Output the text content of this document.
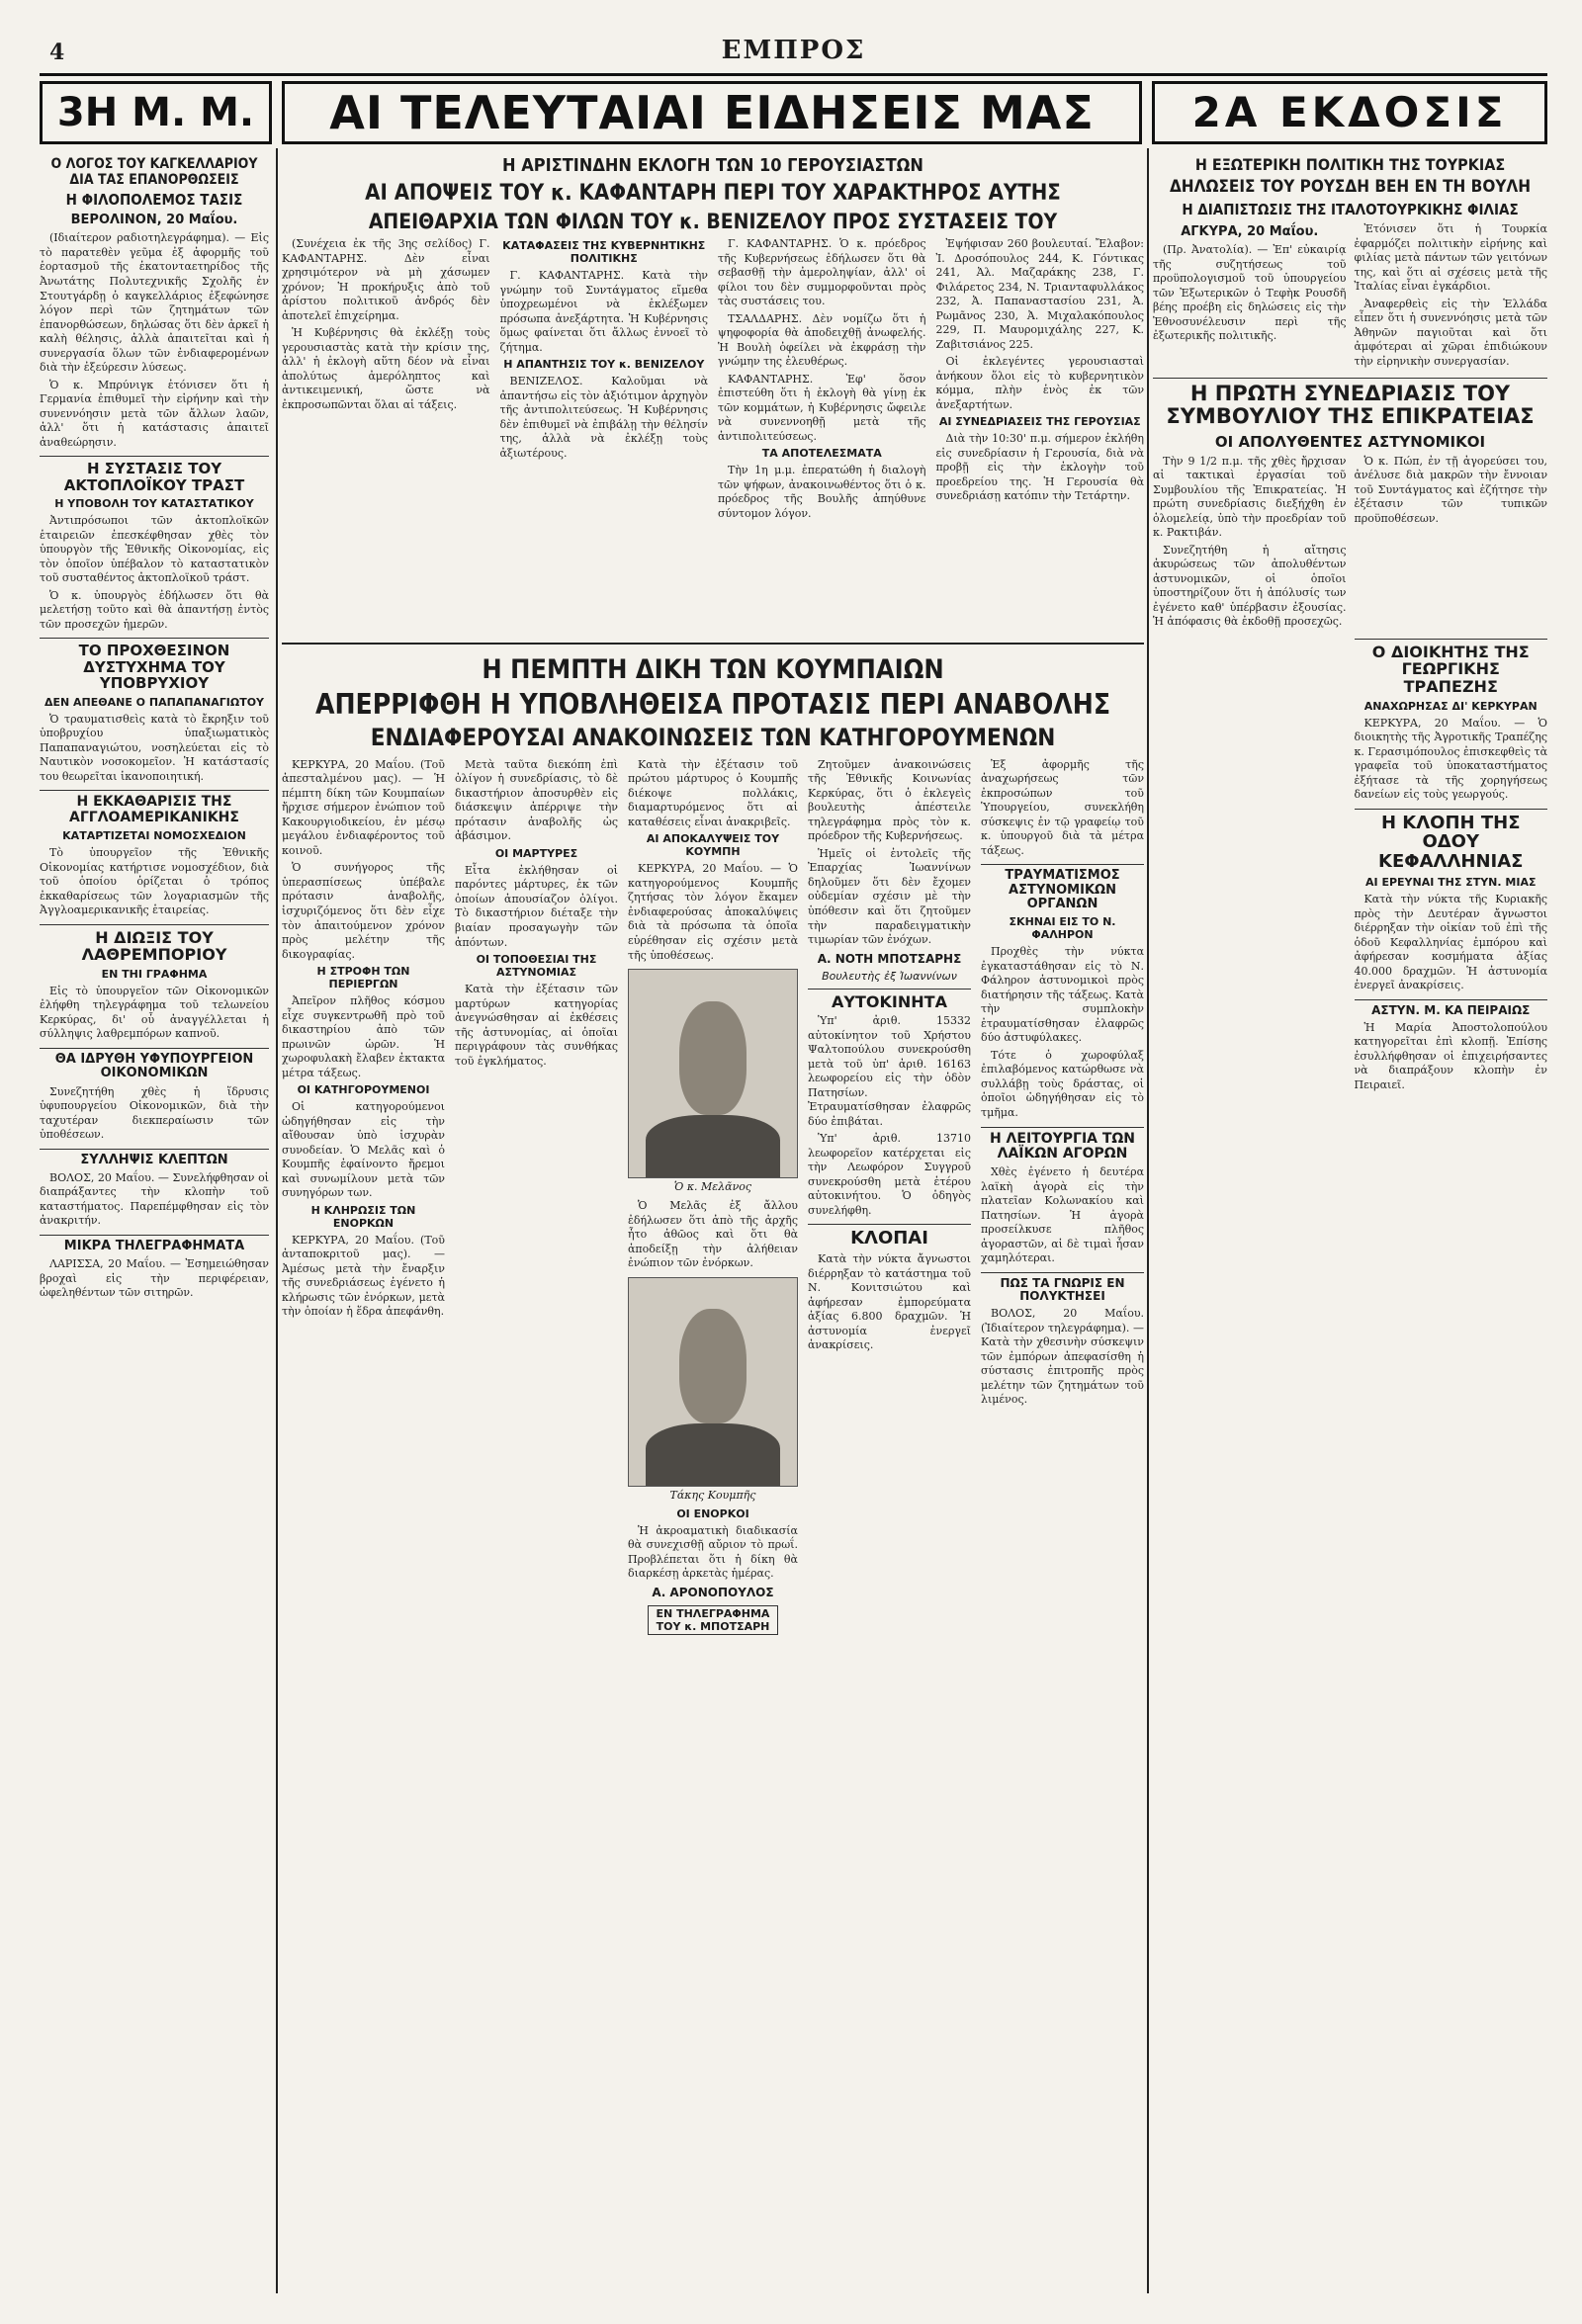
4	ΕΜΠΡΟΣ
3Η Μ. Μ.	ΑΙ ΤΕΛΕΥΤΑΙΑΙ ΕΙΔΗΣΕΙΣ ΜΑΣ	2Α ΕΚΔΟΣΙΣ
Ο ΛΟΓΟΣ ΤΟΥ ΚΑΓΚΕΛΛΑΡΙΟΥ ΔΙΑ ΤΑΣ ΕΠΑΝΟΡΘΩΣΕΙΣ
Η ΦΙΛΟΠΟΛΕΜΟΣ ΤΑΣΙΣ
ΒΕΡΟΛΙΝΟΝ, 20 Μαΐου.

(Ιδιαίτερον ραδιοτηλεγράφημα). — Εἰς τὸ παρατεθὲν γεῦμα ἐξ ἀφορμῆς τοῦ ἑορτασμοῦ τῆς ἑκατονταετηρίδος τῆς Ἀνωτάτης Πολυτεχνικῆς Σχολῆς ἐν Στουτγάρδῃ ὁ καγκελλάριος ἐξεφώνησε λόγον περὶ τῶν ζητημάτων τῶν ἐπανορθώσεων, δηλώσας ὅτι δὲν ἀρκεῖ ἡ καλὴ θέλησις, ἀλλὰ ἀπαιτεῖται καὶ ἡ συνεργασία ὅλων τῶν ἐνδιαφερομένων διὰ τὴν ἐξεύρεσιν λύσεως.

Ὁ κ. Μπρύνιγκ ἐτόνισεν ὅτι ἡ Γερμανία ἐπιθυμεῖ τὴν εἰρήνην καὶ τὴν συνεννόησιν μετὰ τῶν ἄλλων λαῶν, ἀλλ' ὅτι ἡ κατάστασις ἀπαιτεῖ ἀναθεώρησιν.

Η ΣΥΣΤΑΣΙΣ ΤΟΥ ΑΚΤΟΠΛΟΪΚΟΥ ΤΡΑΣΤ
Η ΥΠΟΒΟΛΗ ΤΟΥ ΚΑΤΑΣΤΑΤΙΚΟΥ

Ἀντιπρόσωποι τῶν ἀκτοπλοϊκῶν ἑταιρειῶν ἐπεσκέφθησαν χθὲς τὸν ὑπουργὸν τῆς Ἐθνικῆς Οἰκονομίας, εἰς τὸν ὁποῖον ὑπέβαλον τὸ καταστατικὸν τοῦ συσταθέντος ἀκτοπλοϊκοῦ τράστ.

Ὁ κ. ὑπουργὸς ἐδήλωσεν ὅτι θὰ μελετήσῃ τοῦτο καὶ θὰ ἀπαντήσῃ ἐντὸς τῶν προσεχῶν ἡμερῶν.

ΤΟ ΠΡΟΧΘΕΣΙΝΟΝ ΔΥΣΤΥΧΗΜΑ ΤΟΥ ΥΠΟΒΡΥΧΙΟΥ
ΔΕΝ ΑΠΕΘΑΝΕ Ο ΠΑΠΑΠΑΝΑΓΙΩΤΟΥ

Ὁ τραυματισθεὶς κατὰ τὸ ἔκρηξιν τοῦ ὑποβρυχίου ὑπαξιωματικὸς Παπαπαναγιώτου, νοσηλεύεται εἰς τὸ Ναυτικὸν νοσοκομεῖον. Ἡ κατάστασίς του θεωρεῖται ἱκανοποιητική.

Η ΕΚΚΑΘΑΡΙΣΙΣ ΤΗΣ ΑΓΓΛΟΑΜΕΡΙΚΑΝΙΚΗΣ
ΚΑΤΑΡΤΙΖΕΤΑΙ ΝΟΜΟΣΧΕΔΙΟΝ

Τὸ ὑπουργεῖον τῆς Ἐθνικῆς Οἰκονομίας κατήρτισε νομοσχέδιον, διὰ τοῦ ὁποίου ὁρίζεται ὁ τρόπος ἐκκαθαρίσεως τῶν λογαριασμῶν τῆς Ἀγγλοαμερικανικῆς ἑταιρείας.

Η ΔΙΩΞΙΣ ΤΟΥ ΛΑΘΡΕΜΠΟΡΙΟΥ
ΕΝ ΤΗΙ ΓΡΑΦΗΜΑ

Εἰς τὸ ὑπουργεῖον τῶν Οἰκονομικῶν ἐλήφθη τηλεγράφημα τοῦ τελωνείου Κερκύρας, δι' οὗ ἀναγγέλλεται ἡ σύλληψις λαθρεμπόρων καπνοῦ.

ΘΑ ΙΔΡΥΘΗ ΥΦΥΠΟΥΡΓΕΙΟΝ ΟΙΚΟΝΟΜΙΚΩΝ

Συνεζητήθη χθὲς ἡ ἵδρυσις ὑφυπουργείου Οἰκονομικῶν, διὰ τὴν ταχυτέραν διεκπεραίωσιν τῶν ὑποθέσεων.

ΣΥΛΛΗΨΙΣ ΚΛΕΠΤΩΝ

ΒΟΛΟΣ, 20 Μαΐου. — Συνελήφθησαν οἱ διαπράξαντες τὴν κλοπὴν τοῦ καταστήματος. Παρεπέμφθησαν εἰς τὸν ἀνακριτήν.

ΜΙΚΡΑ ΤΗΛΕΓΡΑΦΗΜΑΤΑ

ΛΑΡΙΣΣΑ, 20 Μαΐου. — Ἐσημειώθησαν βροχαὶ εἰς τὴν περιφέρειαν, ὠφεληθέντων τῶν σιτηρῶν.

Η ΑΡΙΣΤΙΝΔΗΝ ΕΚΛΟΓΗ ΤΩΝ 10 ΓΕΡΟΥΣΙΑΣΤΩΝ
ΑΙ ΑΠΟΨΕΙΣ ΤΟΥ κ. ΚΑΦΑΝΤΑΡΗ ΠΕΡΙ ΤΟΥ ΧΑΡΑΚΤΗΡΟΣ ΑΥΤΗΣ
ΑΠΕΙΘΑΡΧΙΑ ΤΩΝ ΦΙΛΩΝ ΤΟΥ κ. ΒΕΝΙΖΕΛΟΥ ΠΡΟΣ ΣΥΣΤΑΣΕΙΣ ΤΟΥ

(Συνέχεια ἐκ τῆς 3ης σελίδος) Γ. ΚΑΦΑΝΤΑΡΗΣ. Δὲν εἶναι χρησιμότερον νὰ μὴ χάσωμεν χρόνον; Ἡ προκήρυξις ἀπὸ τοῦ ἀρίστου πολιτικοῦ ἀνδρός δὲν ἀποτελεῖ ἐπιχείρημα.

Ἡ Κυβέρνησις θὰ ἐκλέξῃ τοὺς γερουσιαστὰς κατὰ τὴν κρίσιν της, ἀλλ' ἡ ἐκλογὴ αὕτη δέον νὰ εἶναι ἀπολύτως ἀμερόληπτος καὶ ἀντικειμενική, ὥστε νὰ ἐκπροσωπῶνται ὅλαι αἱ τάξεις.

ΚΑΤΑΦΑΣΕΙΣ ΤΗΣ ΚΥΒΕΡΝΗΤΙΚΗΣ ΠΟΛΙΤΙΚΗΣ

Γ. ΚΑΦΑΝΤΑΡΗΣ. Κατὰ τὴν γνώμην τοῦ Συντάγματος εἴμεθα ὑποχρεωμένοι νὰ ἐκλέξωμεν πρόσωπα ἀνεξάρτητα. Ἡ Κυβέρνησις ὅμως φαίνεται ὅτι ἄλλως ἐννοεῖ τὸ ζήτημα.

Η ΑΠΑΝΤΗΣΙΣ ΤΟΥ κ. ΒΕΝΙΖΕΛΟΥ

ΒΕΝΙΖΕΛΟΣ. Καλοῦμαι νὰ ἀπαντήσω εἰς τὸν ἀξιότιμον ἀρχηγὸν τῆς ἀντιπολιτεύσεως. Ἡ Κυβέρνησις δὲν ἐπιθυμεῖ νὰ ἐπιβάλῃ τὴν θέλησίν της, ἀλλὰ νὰ ἐκλέξῃ τοὺς ἀξιωτέρους.

Γ. ΚΑΦΑΝΤΑΡΗΣ. Ὁ κ. πρόεδρος τῆς Κυβερνήσεως ἐδήλωσεν ὅτι θὰ σεβασθῇ τὴν ἀμεροληψίαν, ἀλλ' οἱ φίλοι του δὲν συμμορφοῦνται πρὸς τὰς συστάσεις του.

ΤΣΑΛΔΑΡΗΣ. Δὲν νομίζω ὅτι ἡ ψηφοφορία θὰ ἀποδειχθῇ ἀνωφελής. Ἡ Βουλὴ ὀφείλει νὰ ἐκφράσῃ τὴν γνώμην της ἐλευθέρως.

ΚΑΦΑΝΤΑΡΗΣ. Ἐφ' ὅσον ἐπιστεύθη ὅτι ἡ ἐκλογὴ θὰ γίνῃ ἐκ τῶν κομμάτων, ἡ Κυβέρνησις ὤφειλε νὰ συνεννοηθῇ μετὰ τῆς ἀντιπολιτεύσεως.

ΤΑ ΑΠΟΤΕΛΕΣΜΑΤΑ

Τὴν 1η μ.μ. ἐπερατώθη ἡ διαλογὴ τῶν ψήφων, ἀνακοινωθέντος ὅτι ὁ κ. πρόεδρος τῆς Βουλῆς ἀπηύθυνε σύντομον λόγον.

Ἐψήφισαν 260 βουλευταί. Ἔλαβον: Ἰ. Δροσόπουλος 244, Κ. Γόντικας 241, Ἀλ. Μαζαράκης 238, Γ. Φιλάρετος 234, Ν. Τριανταφυλλάκος 232, Ἀ. Παπαναστασίου 231, Ἀ. Ρωμᾶνος 230, Ἀ. Μιχαλακόπουλος 229, Π. Μαυρομιχάλης 227, Κ. Ζαβιτσιάνος 225.

Οἱ ἐκλεγέντες γερουσιασταὶ ἀνήκουν ὅλοι εἰς τὸ κυβερνητικὸν κόμμα, πλὴν ἑνὸς ἐκ τῶν ἀνεξαρτήτων.

ΑΙ ΣΥΝΕΔΡΙΑΣΕΙΣ ΤΗΣ ΓΕΡΟΥΣΙΑΣ

Διὰ τὴν 10:30' π.μ. σήμερον ἐκλήθη εἰς συνεδρίασιν ἡ Γερουσία, διὰ νὰ προβῇ εἰς τὴν ἐκλογὴν τοῦ προεδρείου της. Ἡ Γερουσία θὰ συνεδριάσῃ κατόπιν τὴν Τετάρτην.

Η ΕΞΩΤΕΡΙΚΗ ΠΟΛΙΤΙΚΗ ΤΗΣ ΤΟΥΡΚΙΑΣ
ΔΗΛΩΣΕΙΣ ΤΟΥ ΡΟΥΣΔΗ ΒΕΗ ΕΝ ΤΗ ΒΟΥΛΗ
Η ΔΙΑΠΙΣΤΩΣΙΣ ΤΗΣ ΙΤΑΛΟΤΟΥΡΚΙΚΗΣ ΦΙΛΙΑΣ
ΑΓΚΥΡΑ, 20 Μαΐου.

(Πρ. Ἀνατολία). — Ἐπ' εὐκαιρίᾳ τῆς συζητήσεως τοῦ προϋπολογισμοῦ τοῦ ὑπουργείου τῶν Ἐξωτερικῶν ὁ Τεφὴκ Ρουσδῆ βέης προέβη εἰς δηλώσεις εἰς τὴν Ἐθνοσυνέλευσιν περὶ τῆς ἐξωτερικῆς πολιτικῆς.

Ἐτόνισεν ὅτι ἡ Τουρκία ἐφαρμόζει πολιτικὴν εἰρήνης καὶ φιλίας μετὰ πάντων τῶν γειτόνων της, καὶ ὅτι αἱ σχέσεις μετὰ τῆς Ἰταλίας εἶναι ἐγκάρδιοι.

Ἀναφερθεὶς εἰς τὴν Ἑλλάδα εἶπεν ὅτι ἡ συνεννόησις μετὰ τῶν Ἀθηνῶν παγιοῦται καὶ ὅτι ἀμφότεραι αἱ χῶραι ἐπιδιώκουν τὴν εἰρηνικὴν συνεργασίαν.

Η ΠΡΩΤΗ ΣΥΝΕΔΡΙΑΣΙΣ ΤΟΥ ΣΥΜΒΟΥΛΙΟΥ ΤΗΣ ΕΠΙΚΡΑΤΕΙΑΣ
ΟΙ ΑΠΟΛΥΘΕΝΤΕΣ ΑΣΤΥΝΟΜΙΚΟΙ

Τὴν 9 1/2 π.μ. τῆς χθὲς ἤρχισαν αἱ τακτικαὶ ἐργασίαι τοῦ Συμβουλίου τῆς Ἐπικρατείας. Ἡ πρώτη συνεδρίασις διεξήχθη ἐν ὁλομελείᾳ, ὑπὸ τὴν προεδρίαν τοῦ κ. Ρακτιβάν.

Συνεζητήθη ἡ αἴτησις ἀκυρώσεως τῶν ἀπολυθέντων ἀστυνομικῶν, οἱ ὁποῖοι ὑποστηρίζουν ὅτι ἡ ἀπόλυσίς των ἐγένετο καθ' ὑπέρβασιν ἐξουσίας. Ἡ ἀπόφασις θὰ ἐκδοθῇ προσεχῶς.

Ὁ κ. Πώπ, ἐν τῇ ἀγορεύσει του, ἀνέλυσε διὰ μακρῶν τὴν ἔννοιαν τοῦ Συντάγματος καὶ ἐζήτησε τὴν ἐξέτασιν τῶν τυπικῶν προϋποθέσεων.

Ο ΔΙΟΙΚΗΤΗΣ ΤΗΣ ΓΕΩΡΓΙΚΗΣ ΤΡΑΠΕΖΗΣ
ΑΝΑΧΩΡΗΣΑΣ ΔΙ' ΚΕΡΚΥΡΑΝ

ΚΕΡΚΥΡΑ, 20 Μαΐου. — Ὁ διοικητὴς τῆς Ἀγροτικῆς Τραπέζης κ. Γερασιμόπουλος ἐπισκεφθεὶς τὰ γραφεῖα τοῦ ὑποκαταστήματος ἐξήτασε τὰ τῆς χορηγήσεως δανείων εἰς τοὺς γεωργούς.

Η ΚΛΟΠΗ ΤΗΣ ΟΔΟΥ ΚΕΦΑΛΛΗΝΙΑΣ
ΑΙ ΕΡΕΥΝΑΙ ΤΗΣ ΣΤΥΝ. ΜΙΑΣ

Κατὰ τὴν νύκτα τῆς Κυριακῆς πρὸς τὴν Δευτέραν ἄγνωστοι διέρρηξαν τὴν οἰκίαν τοῦ ἐπὶ τῆς ὁδοῦ Κεφαλληνίας ἐμπόρου καὶ ἀφήρεσαν κοσμήματα ἀξίας 40.000 δραχμῶν. Ἡ ἀστυνομία ἐνεργεῖ ἀνακρίσεις.

ΑΣΤΥΝ. Μ. ΚΑ ΠΕΙΡΑΙΩΣ

Ἡ Μαρία Ἀποστολοπούλου κατηγορεῖται ἐπὶ κλοπῇ. Ἐπίσης ἐσυλλήφθησαν οἱ ἐπιχειρήσαντες νὰ διαπράξουν κλοπὴν ἐν Πειραιεῖ.

Η ΠΕΜΠΤΗ ΔΙΚΗ ΤΩΝ ΚΟΥΜΠΑΙΩΝ
ΑΠΕΡΡΙΦΘΗ Η ΥΠΟΒΛΗΘΕΙΣΑ ΠΡΟΤΑΣΙΣ ΠΕΡΙ ΑΝΑΒΟΛΗΣ
ΕΝΔΙΑΦΕΡΟΥΣΑΙ ΑΝΑΚΟΙΝΩΣΕΙΣ ΤΩΝ ΚΑΤΗΓΟΡΟΥΜΕΝΩΝ

ΚΕΡΚΥΡΑ, 20 Μαΐου. (Τοῦ ἀπεσταλμένου μας). — Ἡ πέμπτη δίκη τῶν Κουμπαίων ἤρχισε σήμερον ἐνώπιον τοῦ Κακουργιοδικείου, ἐν μέσῳ μεγάλου ἐνδιαφέροντος τοῦ κοινοῦ.

Ὁ συνήγορος τῆς ὑπερασπίσεως ὑπέβαλε πρότασιν ἀναβολῆς, ἰσχυριζόμενος ὅτι δὲν εἶχε τὸν ἀπαιτούμενον χρόνον πρὸς μελέτην τῆς δικογραφίας.

Η ΣΤΡΟΦΗ ΤΩΝ ΠΕΡΙΕΡΓΩΝ

Ἀπεῖρον πλῆθος κόσμου εἶχε συγκεντρωθῆ πρὸ τοῦ δικαστηρίου ἀπὸ τῶν πρωινῶν ὡρῶν. Ἡ χωροφυλακὴ ἔλαβεν ἐκτακτα μέτρα τάξεως.

ΟΙ ΚΑΤΗΓΟΡΟΥΜΕΝΟΙ

Οἱ κατηγορούμενοι ὠδηγήθησαν εἰς τὴν αἴθουσαν ὑπὸ ἰσχυρὰν συνοδείαν. Ὁ Μελᾶς καὶ ὁ Κουμπῆς ἐφαίνοντο ἤρεμοι καὶ συνωμίλουν μετὰ τῶν συνηγόρων των.

Η ΚΛΗΡΩΣΙΣ ΤΩΝ ΕΝΟΡΚΩΝ

ΚΕΡΚΥΡΑ, 20 Μαΐου. (Τοῦ ἀνταποκριτοῦ μας). — Ἀμέσως μετὰ τὴν ἔναρξιν τῆς συνεδριάσεως ἐγένετο ἡ κλήρωσις τῶν ἐνόρκων, μετὰ τὴν ὁποίαν ἡ ἕδρα ἀπεφάνθη.

Μετὰ ταῦτα διεκόπη ἐπὶ ὀλίγον ἡ συνεδρίασις, τὸ δὲ δικαστήριον ἀποσυρθὲν εἰς διάσκεψιν ἀπέρριψε τὴν πρότασιν ἀναβολῆς ὡς ἀβάσιμον.

ΟΙ ΜΑΡΤΥΡΕΣ

Εἶτα ἐκλήθησαν οἱ παρόντες μάρτυρες, ἐκ τῶν ὁποίων ἀπουσίαζον ὀλίγοι. Τὸ δικαστήριον διέταξε τὴν βιαίαν προσαγωγὴν τῶν ἀπόντων.

ΟΙ ΤΟΠΟΘΕΣΙΑΙ ΤΗΣ ΑΣΤΥΝΟΜΙΑΣ

Κατὰ τὴν ἐξέτασιν τῶν μαρτύρων κατηγορίας ἀνεγνώσθησαν αἱ ἐκθέσεις τῆς ἀστυνομίας, αἱ ὁποῖαι περιγράφουν τὰς συνθήκας τοῦ ἐγκλήματος.

Κατὰ τὴν ἐξέτασιν τοῦ πρώτου μάρτυρος ὁ Κουμπῆς διέκοψε πολλάκις, διαμαρτυρόμενος ὅτι αἱ καταθέσεις εἶναι ἀνακριβεῖς.

ΑΙ ΑΠΟΚΑΛΥΨΕΙΣ ΤΟΥ ΚΟΥΜΠΗ

ΚΕΡΚΥΡΑ, 20 Μαΐου. — Ὁ κατηγορούμενος Κουμπῆς ζητήσας τὸν λόγον ἔκαμεν ἐνδιαφερούσας ἀποκαλύψεις διὰ τὰ πρόσωπα τὰ ὁποῖα εὑρέθησαν εἰς σχέσιν μετὰ τῆς ὑποθέσεως.

Ὁ κ. Μελᾶνος

Ὁ Μελᾶς ἐξ ἄλλου ἐδήλωσεν ὅτι ἀπὸ τῆς ἀρχῆς ἦτο ἀθῶος καὶ ὅτι θὰ ἀποδείξῃ τὴν ἀλήθειαν ἐνώπιον τῶν ἐνόρκων.

Τάκης Κουμπῆς
ΟΙ ΕΝΟΡΚΟΙ

Ἡ ἀκροαματικὴ διαδικασία θὰ συνεχισθῇ αὔριον τὸ πρωΐ. Προβλέπεται ὅτι ἡ δίκη θὰ διαρκέσῃ ἀρκετὰς ἡμέρας.

Α. ΑΡΟΝΟΠΟΥΛΟΣ
ΕΝ ΤΗΛΕΓΡΑΦΗΜΑ ΤΟΥ κ. ΜΠΟΤΣΑΡΗ

Ζητοῦμεν ἀνακοινώσεις τῆς Ἐθνικῆς Κοινωνίας Κερκύρας, ὅτι ὁ ἐκλεγεὶς βουλευτὴς ἀπέστειλε τηλεγράφημα πρὸς τὸν κ. πρόεδρον τῆς Κυβερνήσεως.

Ἡμεῖς οἱ ἐντολεῖς τῆς Ἐπαρχίας Ἰωαννίνων δηλοῦμεν ὅτι δὲν ἔχομεν οὐδεμίαν σχέσιν μὲ τὴν ὑπόθεσιν καὶ ὅτι ζητοῦμεν τὴν παραδειγματικὴν τιμωρίαν τῶν ἐνόχων.

Α. ΝΟΤΗ ΜΠΟΤΣΑΡΗΣ
Βουλευτὴς ἐξ Ἰωαννίνων
ΑΥΤΟΚΙΝΗΤΑ

Ὑπ' ἀριθ. 15332 αὐτοκίνητον τοῦ Χρήστου Ψαλτοπούλου συνεκρούσθη μετὰ τοῦ ὑπ' ἀριθ. 16163 λεωφορείου εἰς τὴν ὁδὸν Πατησίων. Ἐτραυματίσθησαν ἐλαφρῶς δύο ἐπιβάται.

Ὑπ' ἀριθ. 13710 λεωφορεῖον κατέρχεται εἰς τὴν Λεωφόρον Συγγροῦ συνεκρούσθη μετὰ ἑτέρου αὐτοκινήτου. Ὁ ὁδηγὸς συνελήφθη.

ΚΛΟΠΑΙ

Κατὰ τὴν νύκτα ἄγνωστοι διέρρηξαν τὸ κατάστημα τοῦ Ν. Κονιτσιώτου καὶ ἀφήρεσαν ἐμπορεύματα ἀξίας 6.800 δραχμῶν. Ἡ ἀστυνομία ἐνεργεῖ ἀνακρίσεις.

Ἐξ ἀφορμῆς τῆς ἀναχωρήσεως τῶν ἐκπροσώπων τοῦ Ὑπουργείου, συνεκλήθη σύσκεψις ἐν τῷ γραφείῳ τοῦ κ. ὑπουργοῦ διὰ τὰ μέτρα τάξεως.

ΤΡΑΥΜΑΤΙΣΜΟΣ ΑΣΤΥΝΟΜΙΚΩΝ ΟΡΓΑΝΩΝ
ΣΚΗΝΑΙ ΕΙΣ ΤΟ Ν. ΦΑΛΗΡΟΝ

Προχθὲς τὴν νύκτα ἐγκαταστάθησαν εἰς τὸ Ν. Φάληρον ἀστυνομικοὶ πρὸς διατήρησιν τῆς τάξεως. Κατὰ τὴν συμπλοκὴν ἐτραυματίσθησαν ἐλαφρῶς δύο ἀστυφύλακες.

Τότε ὁ χωροφύλαξ ἐπιλαβόμενος κατώρθωσε νὰ συλλάβῃ τοὺς δράστας, οἱ ὁποῖοι ὡδηγήθησαν εἰς τὸ τμῆμα.

Η ΛΕΙΤΟΥΡΓΙΑ ΤΩΝ ΛΑΪΚΩΝ ΑΓΟΡΩΝ

Χθὲς ἐγένετο ἡ δευτέρα λαϊκὴ ἀγορὰ εἰς τὴν πλατεῖαν Κολωνακίου καὶ Πατησίων. Ἡ ἀγορὰ προσείλκυσε πλῆθος ἀγοραστῶν, αἱ δὲ τιμαὶ ἦσαν χαμηλότεραι.

ΠΩΣ ΤΑ ΓΝΩΡΙΣ ΕΝ ΠΟΛΥΚΤΗΣΕΙ

ΒΟΛΟΣ, 20 Μαΐου. (Ἰδιαίτερον τηλεγράφημα). — Κατὰ τὴν χθεσινὴν σύσκεψιν τῶν ἐμπόρων ἀπεφασίσθη ἡ σύστασις ἐπιτροπῆς πρὸς μελέτην τῶν ζητημάτων τοῦ λιμένος.
